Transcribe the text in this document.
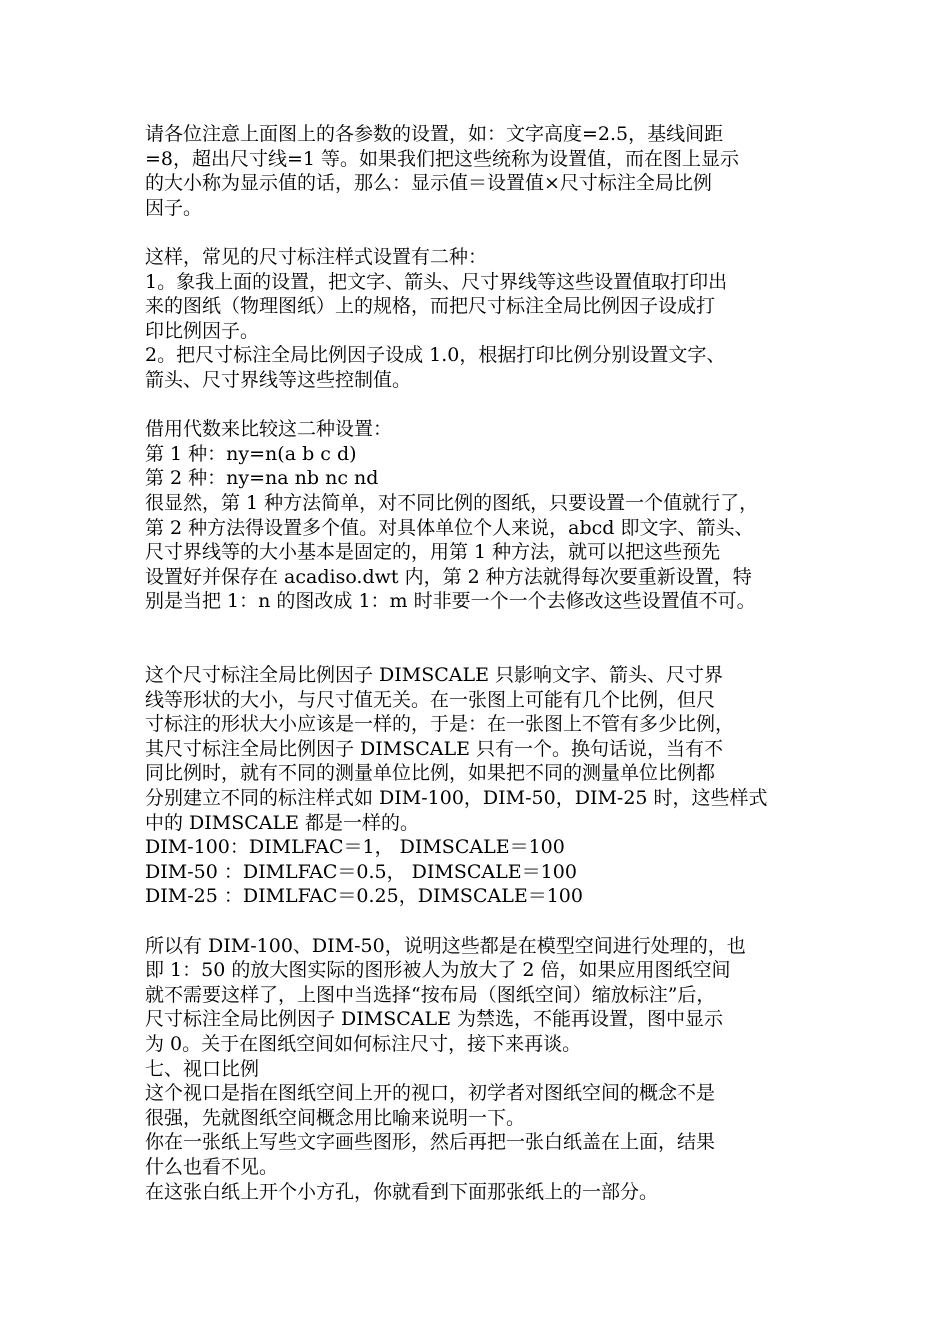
请各位注意上面图上的各参数的设置，如：文字高度=2.5，基线间距
=8，超出尺寸线=1 等。如果我们把这些统称为设置值，而在图上显示
的大小称为显示值的话，那么：显示值＝设置值×尺寸标注全局比例
因子。
这样，常见的尺寸标注样式设置有二种：
1。象我上面的设置，把文字、箭头、尺寸界线等这些设置值取打印出
来的图纸（物理图纸）上的规格，而把尺寸标注全局比例因子设成打
印比例因子。
2。把尺寸标注全局比例因子设成 1.0，根据打印比例分别设置文字、
箭头、尺寸界线等这些控制值。
借用代数来比较这二种设置：
第 1 种：ny=n(a b c d)
第 2 种：ny=na nb nc nd
很显然，第 1 种方法简单，对不同比例的图纸，只要设置一个值就行了，
第 2 种方法得设置多个值。对具体单位个人来说，abcd 即文字、箭头、
尺寸界线等的大小基本是固定的，用第 1 种方法，就可以把这些预先
设置好并保存在 acadiso.dwt 内，第 2 种方法就得每次要重新设置，特
别是当把 1：n 的图改成 1：m 时非要一个一个去修改这些设置值不可。
这个尺寸标注全局比例因子 DIMSCALE 只影响文字、箭头、尺寸界
线等形状的大小，与尺寸值无关。在一张图上可能有几个比例，但尺
寸标注的形状大小应该是一样的，于是：在一张图上不管有多少比例，
其尺寸标注全局比例因子 DIMSCALE 只有一个。换句话说，当有不
同比例时，就有不同的测量单位比例，如果把不同的测量单位比例都
分别建立不同的标注样式如 DIM-100，DIM-50，DIM-25 时，这些样式
中的 DIMSCALE 都是一样的。
DIM-100：DIMLFAC＝1， DIMSCALE＝100
DIM-50 ：DIMLFAC＝0.5， DIMSCALE＝100
DIM-25 ：DIMLFAC＝0.25，DIMSCALE＝100
所以有 DIM-100、DIM-50，说明这些都是在模型空间进行处理的，也
即 1：50 的放大图实际的图形被人为放大了 2 倍，如果应用图纸空间
就不需要这样了，上图中当选择“按布局（图纸空间）缩放标注”后，
尺寸标注全局比例因子 DIMSCALE 为禁选，不能再设置，图中显示
为 0。关于在图纸空间如何标注尺寸，接下来再谈。
七、视口比例
这个视口是指在图纸空间上开的视口，初学者对图纸空间的概念不是
很强，先就图纸空间概念用比喻来说明一下。
你在一张纸上写些文字画些图形，然后再把一张白纸盖在上面，结果
什么也看不见。
在这张白纸上开个小方孔，你就看到下面那张纸上的一部分。
